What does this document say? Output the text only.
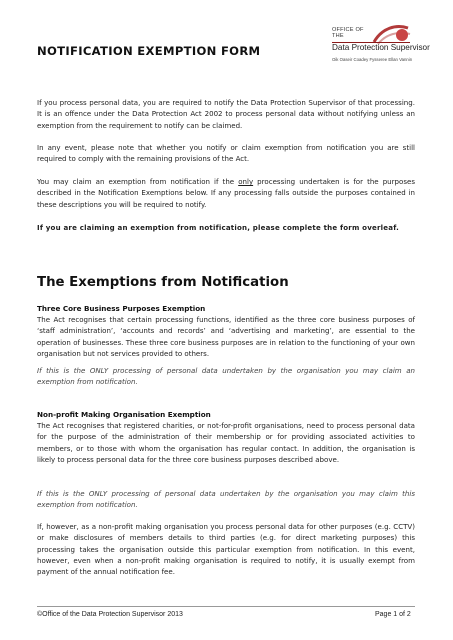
NOTIFICATION EXEMPTION FORM
OFFICE OF THE
Data Protection Supervisor
Oik Oaseir Coadey Fysseree Ellan Vannin

If you process personal data, you are required to notify the Data Protection Supervisor of that processing. It is an offence under the Data Protection Act 2002 to process personal data without notifying unless an exemption from the requirement to notify can be claimed.

In any event, please note that whether you notify or claim exemption from notification you are still required to comply with the remaining provisions of the Act.

You may claim an exemption from notification if the only processing undertaken is for the purposes described in the Notification Exemptions below. If any processing falls outside the purposes contained in these descriptions you will be required to notify.

If you are claiming an exemption from notification, please complete the form overleaf.

The Exemptions from Notification
Three Core Business Purposes Exemption

The Act recognises that certain processing functions, identified as the three core business purposes of ‘staff administration’, ‘accounts and records’ and ‘advertising and marketing’, are essential to the operation of businesses. These three core business purposes are in relation to the functioning of your own organisation but not services provided to others.

If this is the ONLY processing of personal data undertaken by the organisation you may claim an exemption from notification.

Non-profit Making Organisation Exemption

The Act recognises that registered charities, or not-for-profit organisations, need to process personal data for the purpose of the administration of their membership or for providing associated activities to members, or to those with whom the organisation has regular contact. In addition, the organisation is likely to process personal data for the three core business purposes described above.

If this is the ONLY processing of personal data undertaken by the organisation you may claim this exemption from notification.

If, however, as a non-profit making organisation you process personal data for other purposes (e.g. CCTV) or make disclosures of members details to third parties (e.g. for direct marketing purposes) this processing takes the organisation outside this particular exemption from notification. In this event, however, even when a non-profit making organisation is required to notify, it is usually exempt from payment of the annual notification fee.

©Office of the Data Protection Supervisor 2013	Page 1 of 2
